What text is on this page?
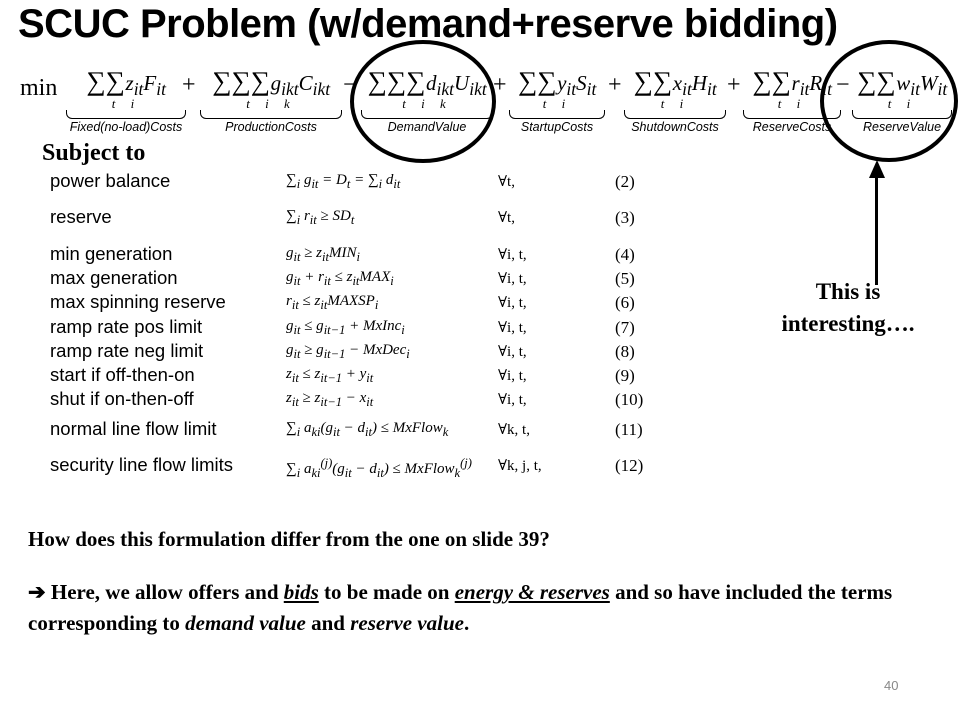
SCUC Problem (w/demand+reserve bidding)
min	$\sum\sum z_{it}F_{it}$
t i
Fixed(no-load)Costs
+ $\sum\sum\sum g_{ikt}C_{ikt}$
t i k
ProductionCosts
− $\sum\sum\sum d_{ikt}U_{ikt}$
t i k
DemandValue
+ $\sum\sum y_{it}S_{it}$
t i
StartupCosts
+ $\sum\sum x_{it}H_{it}$
t i
ShutdownCosts
+ $\sum\sum r_{it}R_{it}$
t i
ReserveCosts
− $\sum\sum w_{it}W_{it}$
t i
ReserveValue
Subject to
power balance	$\sum_i$ $g_{it} = D_t = \sum_i$ $d_{it}$	∀t,	(2)
reserve	$\sum_i$ $r_{it} \ge SD_t$	∀t,	(3)
min generation	$g_{it} \ge z_{it}MIN_i$	∀i, t,	(4)
max generation	$g_{it} + r_{it} \le z_{it}MAX_i$	∀i, t,	(5)
max spinning reserve	$r_{it}$ ≤ $z_{it}MAXSP_i$	∀i, t,	(6)
ramp rate pos limit	$g_{it} \le g_{it-1}$ + MxInc$_i$	∀i, t,	(7)
ramp rate neg limit	$g_{it} \ge g_{it-1}$ − MxDec$_i$	∀i, t,	(8)
start if off-then-on	$z_{it} \le z_{it-1} + y_{it}$	∀i, t,	(9)
shut if on-then-off	$z_{it} \ge z_{it-1} - x_{it}$	∀i, t,	(10)
normal line flow limit	$\sum_i$ $a_{ki}(g_{it} - d_{it})$ ≤ MxFlow$_k$	∀k, t,	(11)
security line flow limits	$\sum_i$ $a_{ki}^{(j)}(g_{it} - d_{it})$ ≤ MxFlow$_k^{(j)}$ ∀k, j, t,	(12)
This is interesting….
How does this formulation differ from the one on slide 39?
➔ Here, we allow offers and bids to be made on energy & reserves and so have included the terms corresponding to demand value and reserve value.
40
